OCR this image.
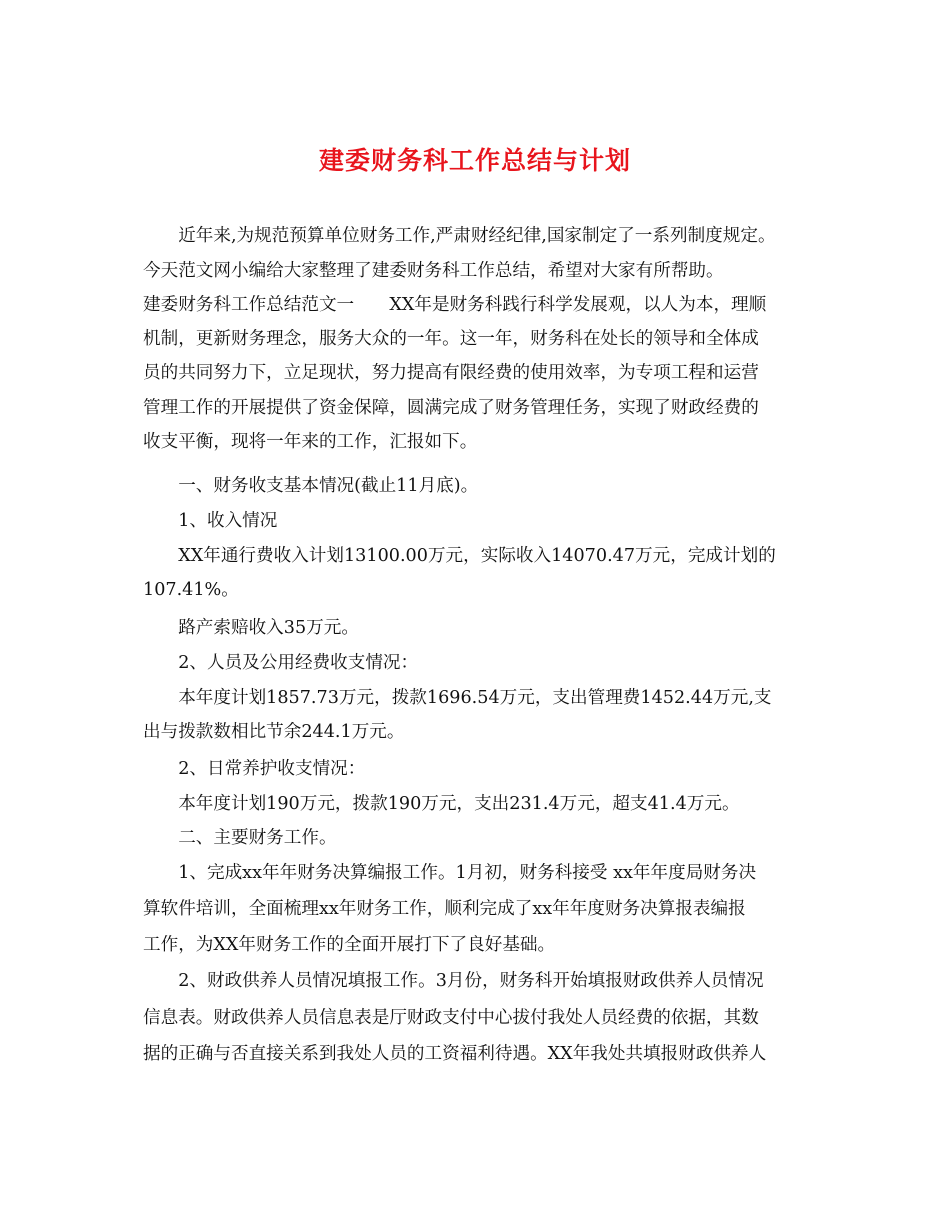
建委财务科工作总结与计划
　　近年来,为规范预算单位财务工作,严肃财经纪律,国家制定了一系列制度规定。
今天范文网小编给大家整理了建委财务科工作总结，希望对大家有所帮助。
建委财务科工作总结范文一　　XX年是财务科践行科学发展观，以人为本，理顺
机制，更新财务理念，服务大众的一年。这一年，财务科在处长的领导和全体成
员的共同努力下，立足现状，努力提高有限经费的使用效率，为专项工程和运营
管理工作的开展提供了资金保障，圆满完成了财务管理任务，实现了财政经费的
收支平衡，现将一年来的工作，汇报如下。
　　一、财务收支基本情况(截止11月底)。
　　1、收入情况
　　XX年通行费收入计划13100.00万元，实际收入14070.47万元，完成计划的
107.41%。
　　路产索赔收入35万元。
　　2、人员及公用经费收支情况：
　　本年度计划1857.73万元，拨款1696.54万元，支出管理费1452.44万元,支
出与拨款数相比节余244.1万元。
　　2、日常养护收支情况：
　　本年度计划190万元，拨款190万元，支出231.4万元，超支41.4万元。
　　二、主要财务工作。
　　1、完成xx年年财务决算编报工作。1月初，财务科接受 xx年年度局财务决
算软件培训，全面梳理xx年财务工作，顺利完成了xx年年度财务决算报表编报
工作，为XX年财务工作的全面开展打下了良好基础。
　　2、财政供养人员情况填报工作。3月份，财务科开始填报财政供养人员情况
信息表。财政供养人员信息表是厅财政支付中心拔付我处人员经费的依据，其数
据的正确与否直接关系到我处人员的工资福利待遇。XX年我处共填报财政供养人
